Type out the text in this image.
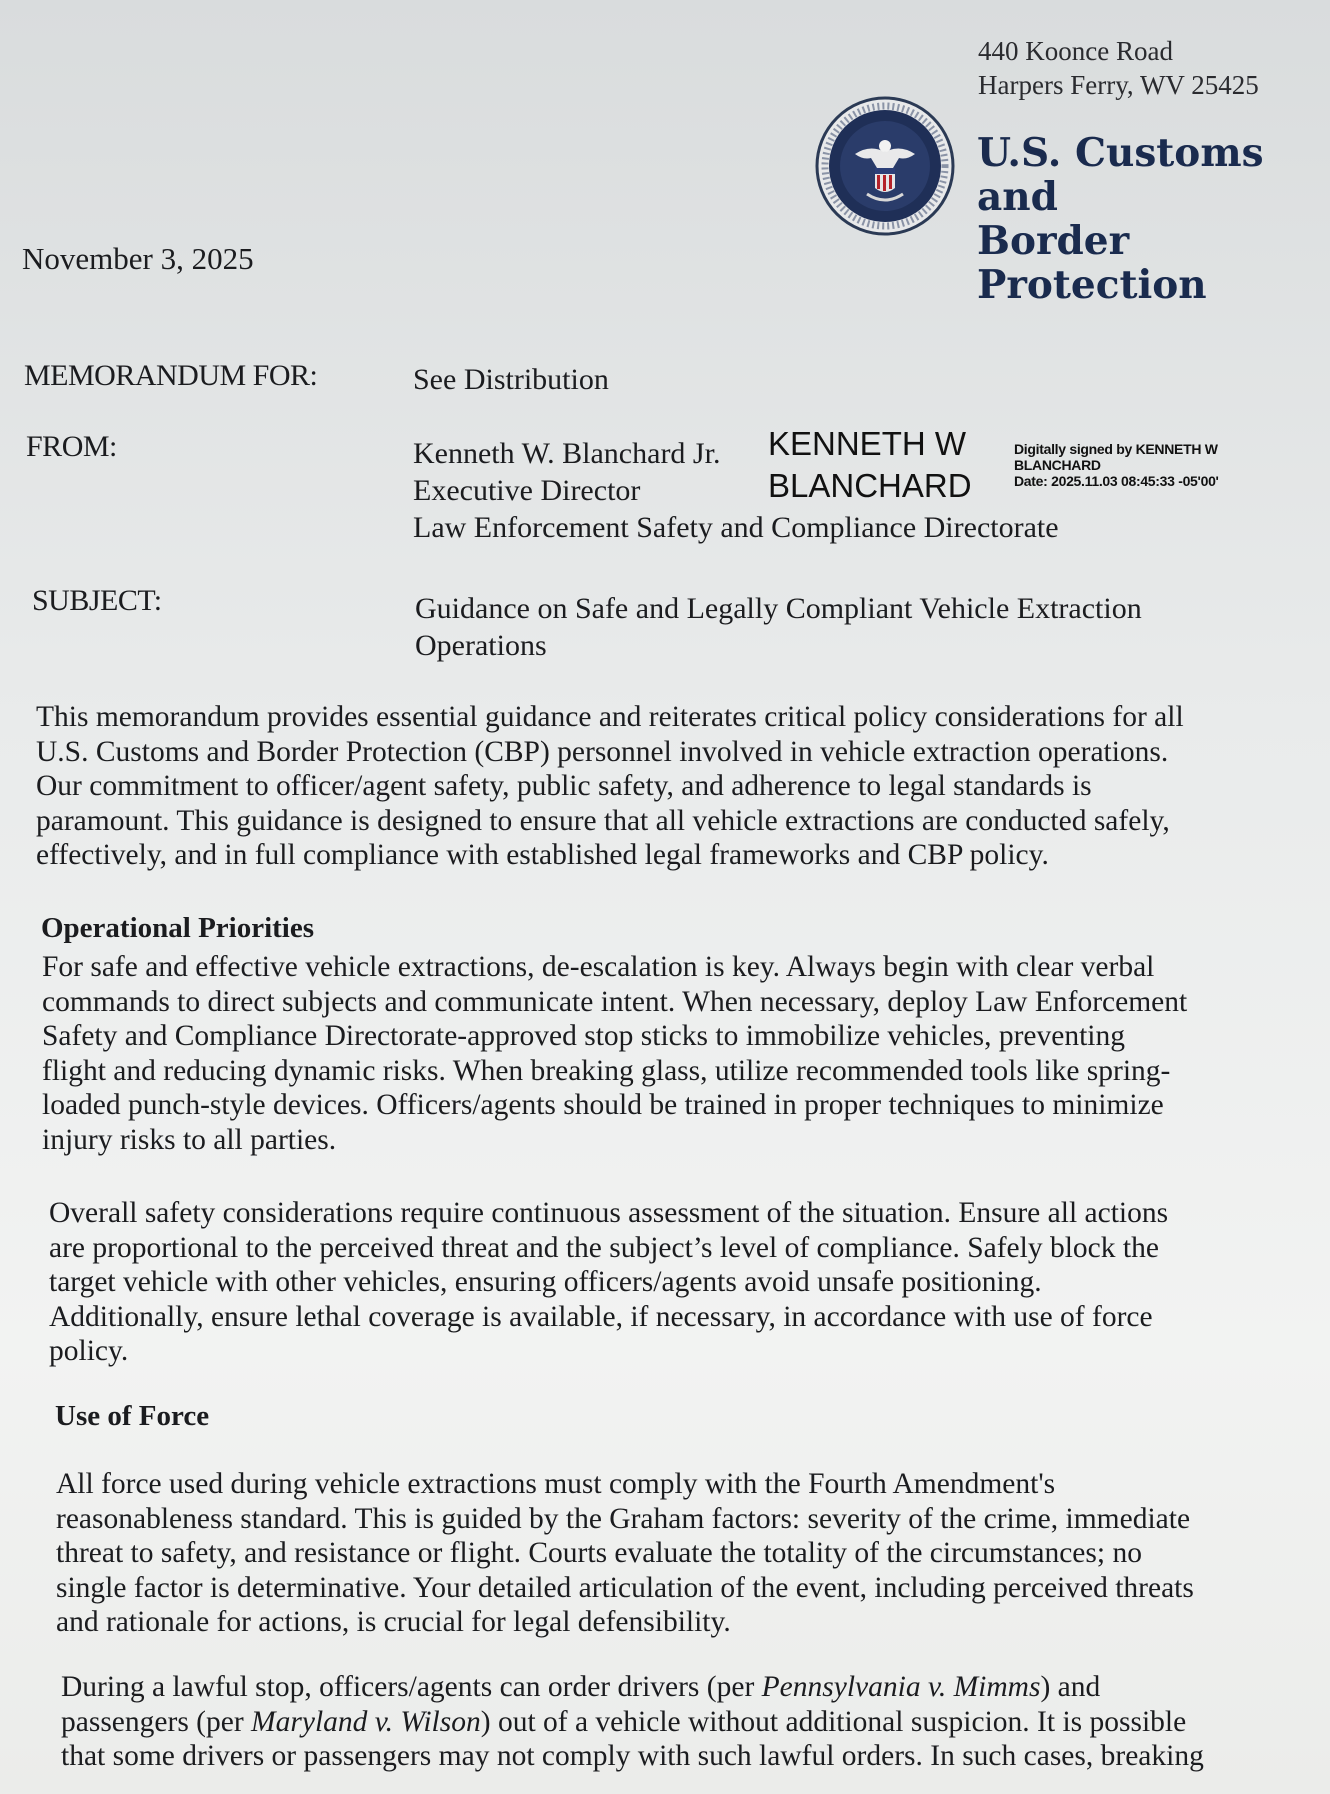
440 Koonce Road
Harpers Ferry, WV 25425
U.S. Customs and
Border Protection
November 3, 2025
MEMORANDUM FOR:	See Distribution
FROM:	Kenneth W. Blanchard Jr.
Executive Director
Law Enforcement Safety and Compliance Directorate
KENNETH W
BLANCHARD
Digitally signed by KENNETH W
BLANCHARD
Date: 2025.11.03 08:45:33 -05'00'
SUBJECT:	Guidance on Safe and Legally Compliant Vehicle Extraction
Operations
This memorandum provides essential guidance and reiterates critical policy considerations for all
U.S. Customs and Border Protection (CBP) personnel involved in vehicle extraction operations.
Our commitment to officer/agent safety, public safety, and adherence to legal standards is
paramount. This guidance is designed to ensure that all vehicle extractions are conducted safely,
effectively, and in full compliance with established legal frameworks and CBP policy.
Operational Priorities
For safe and effective vehicle extractions, de-escalation is key. Always begin with clear verbal
commands to direct subjects and communicate intent. When necessary, deploy Law Enforcement
Safety and Compliance Directorate-approved stop sticks to immobilize vehicles, preventing
flight and reducing dynamic risks. When breaking glass, utilize recommended tools like spring-
loaded punch-style devices. Officers/agents should be trained in proper techniques to minimize
injury risks to all parties.
Overall safety considerations require continuous assessment of the situation. Ensure all actions
are proportional to the perceived threat and the subject’s level of compliance. Safely block the
target vehicle with other vehicles, ensuring officers/agents avoid unsafe positioning.
Additionally, ensure lethal coverage is available, if necessary, in accordance with use of force
policy.
Use of Force
All force used during vehicle extractions must comply with the Fourth Amendment's
reasonableness standard. This is guided by the Graham factors: severity of the crime, immediate
threat to safety, and resistance or flight. Courts evaluate the totality of the circumstances; no
single factor is determinative. Your detailed articulation of the event, including perceived threats
and rationale for actions, is crucial for legal defensibility.
During a lawful stop, officers/agents can order drivers (per Pennsylvania v. Mimms) and
passengers (per Maryland v. Wilson) out of a vehicle without additional suspicion. It is possible
that some drivers or passengers may not comply with such lawful orders. In such cases, breaking
